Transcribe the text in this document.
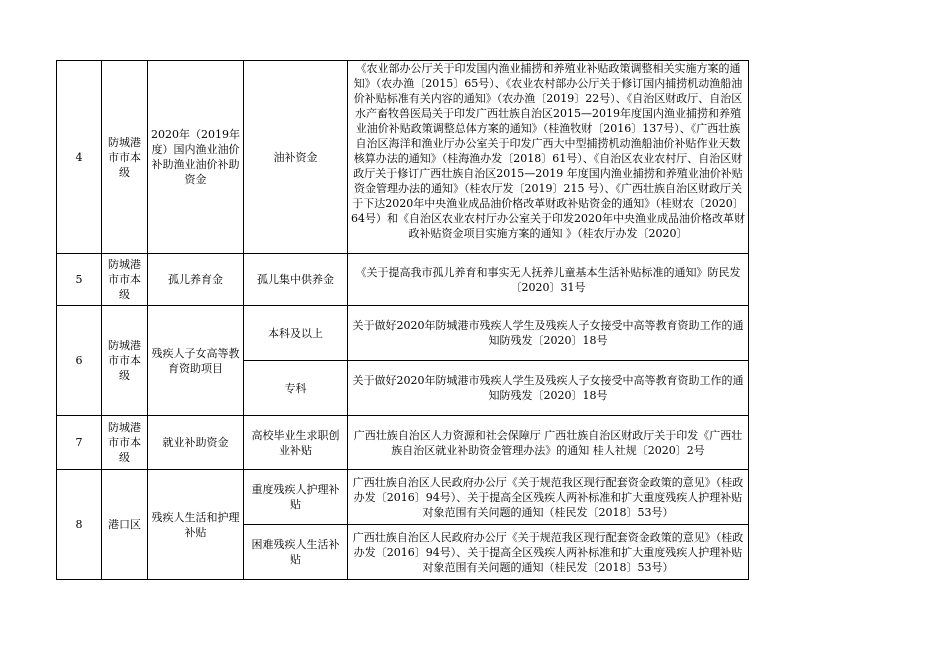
4	防城港市市本级	2020年（2019年度）国内渔业油价补助渔业油价补助资金	油补资金	《农业部办公厅关于印发国内渔业捕捞和养殖业补贴政策调整相关实施方案的通知》（农办渔〔2015〕65号）、《农业农村部办公厅关于修订国内捕捞机动渔船油价补贴标准有关内容的通知》（农办渔〔2019〕22号）、《自治区财政厅、自治区水产畜牧兽医局关于印发广西壮族自治区2015—2019年度国内渔业捕捞和养殖业油价补贴政策调整总体方案的通知》（桂渔牧财〔2016〕137号）、《广西壮族自治区海洋和渔业厅办公室关于印发广西大中型捕捞机动渔船油价补贴作业天数核算办法的通知》（桂海渔办发〔2018〕61号）、《自治区农业农村厅、自治区财政厅关于修订广西壮族自治区2015—2019 年度国内渔业捕捞和养殖业油价补贴资金管理办法的通知》（桂农厅发〔2019〕215 号）、《广西壮族自治区财政厅关于下达2020年中央渔业成品油价格改革财政补贴资金的通知》（桂财农〔2020〕64号）和《自治区农业农村厅办公室关于印发2020年中央渔业成品油价格改革财政补贴资金项目实施方案的通知 》（桂农厅办发〔2020〕

5	防城港市市本级	孤儿养育金	孤儿集中供养金	《关于提高我市孤儿养育和事实无人抚养儿童基本生活补贴标准的通知》防民发〔2020〕31号
6	防城港市市本级	残疾人子女高等教育资助项目	本科及以上	关于做好2020年防城港市残疾人学生及残疾人子女接受中高等教育资助工作的通知防残发〔2020〕18号
			专科	关于做好2020年防城港市残疾人学生及残疾人子女接受中高等教育资助工作的通知防残发〔2020〕18号
7	防城港市市本级	就业补助资金	高校毕业生求职创业补贴	广西壮族自治区人力资源和社会保障厅 广西壮族自治区财政厅关于印发《广西壮族自治区就业补助资金管理办法》的通知 桂人社规〔2020〕2号
8	港口区	残疾人生活和护理补贴	重度残疾人护理补贴	广西壮族自治区人民政府办公厅《关于规范我区现行配套资金政策的意见》（桂政办发〔2016〕94号）、关于提高全区残疾人两补标准和扩大重度残疾人护理补贴对象范围有关问题的通知（桂民发〔2018〕53号）
			困难残疾人生活补贴	广西壮族自治区人民政府办公厅《关于规范我区现行配套资金政策的意见》（桂政办发〔2016〕94号）、关于提高全区残疾人两补标准和扩大重度残疾人护理补贴对象范围有关问题的通知（桂民发〔2018〕53号）
